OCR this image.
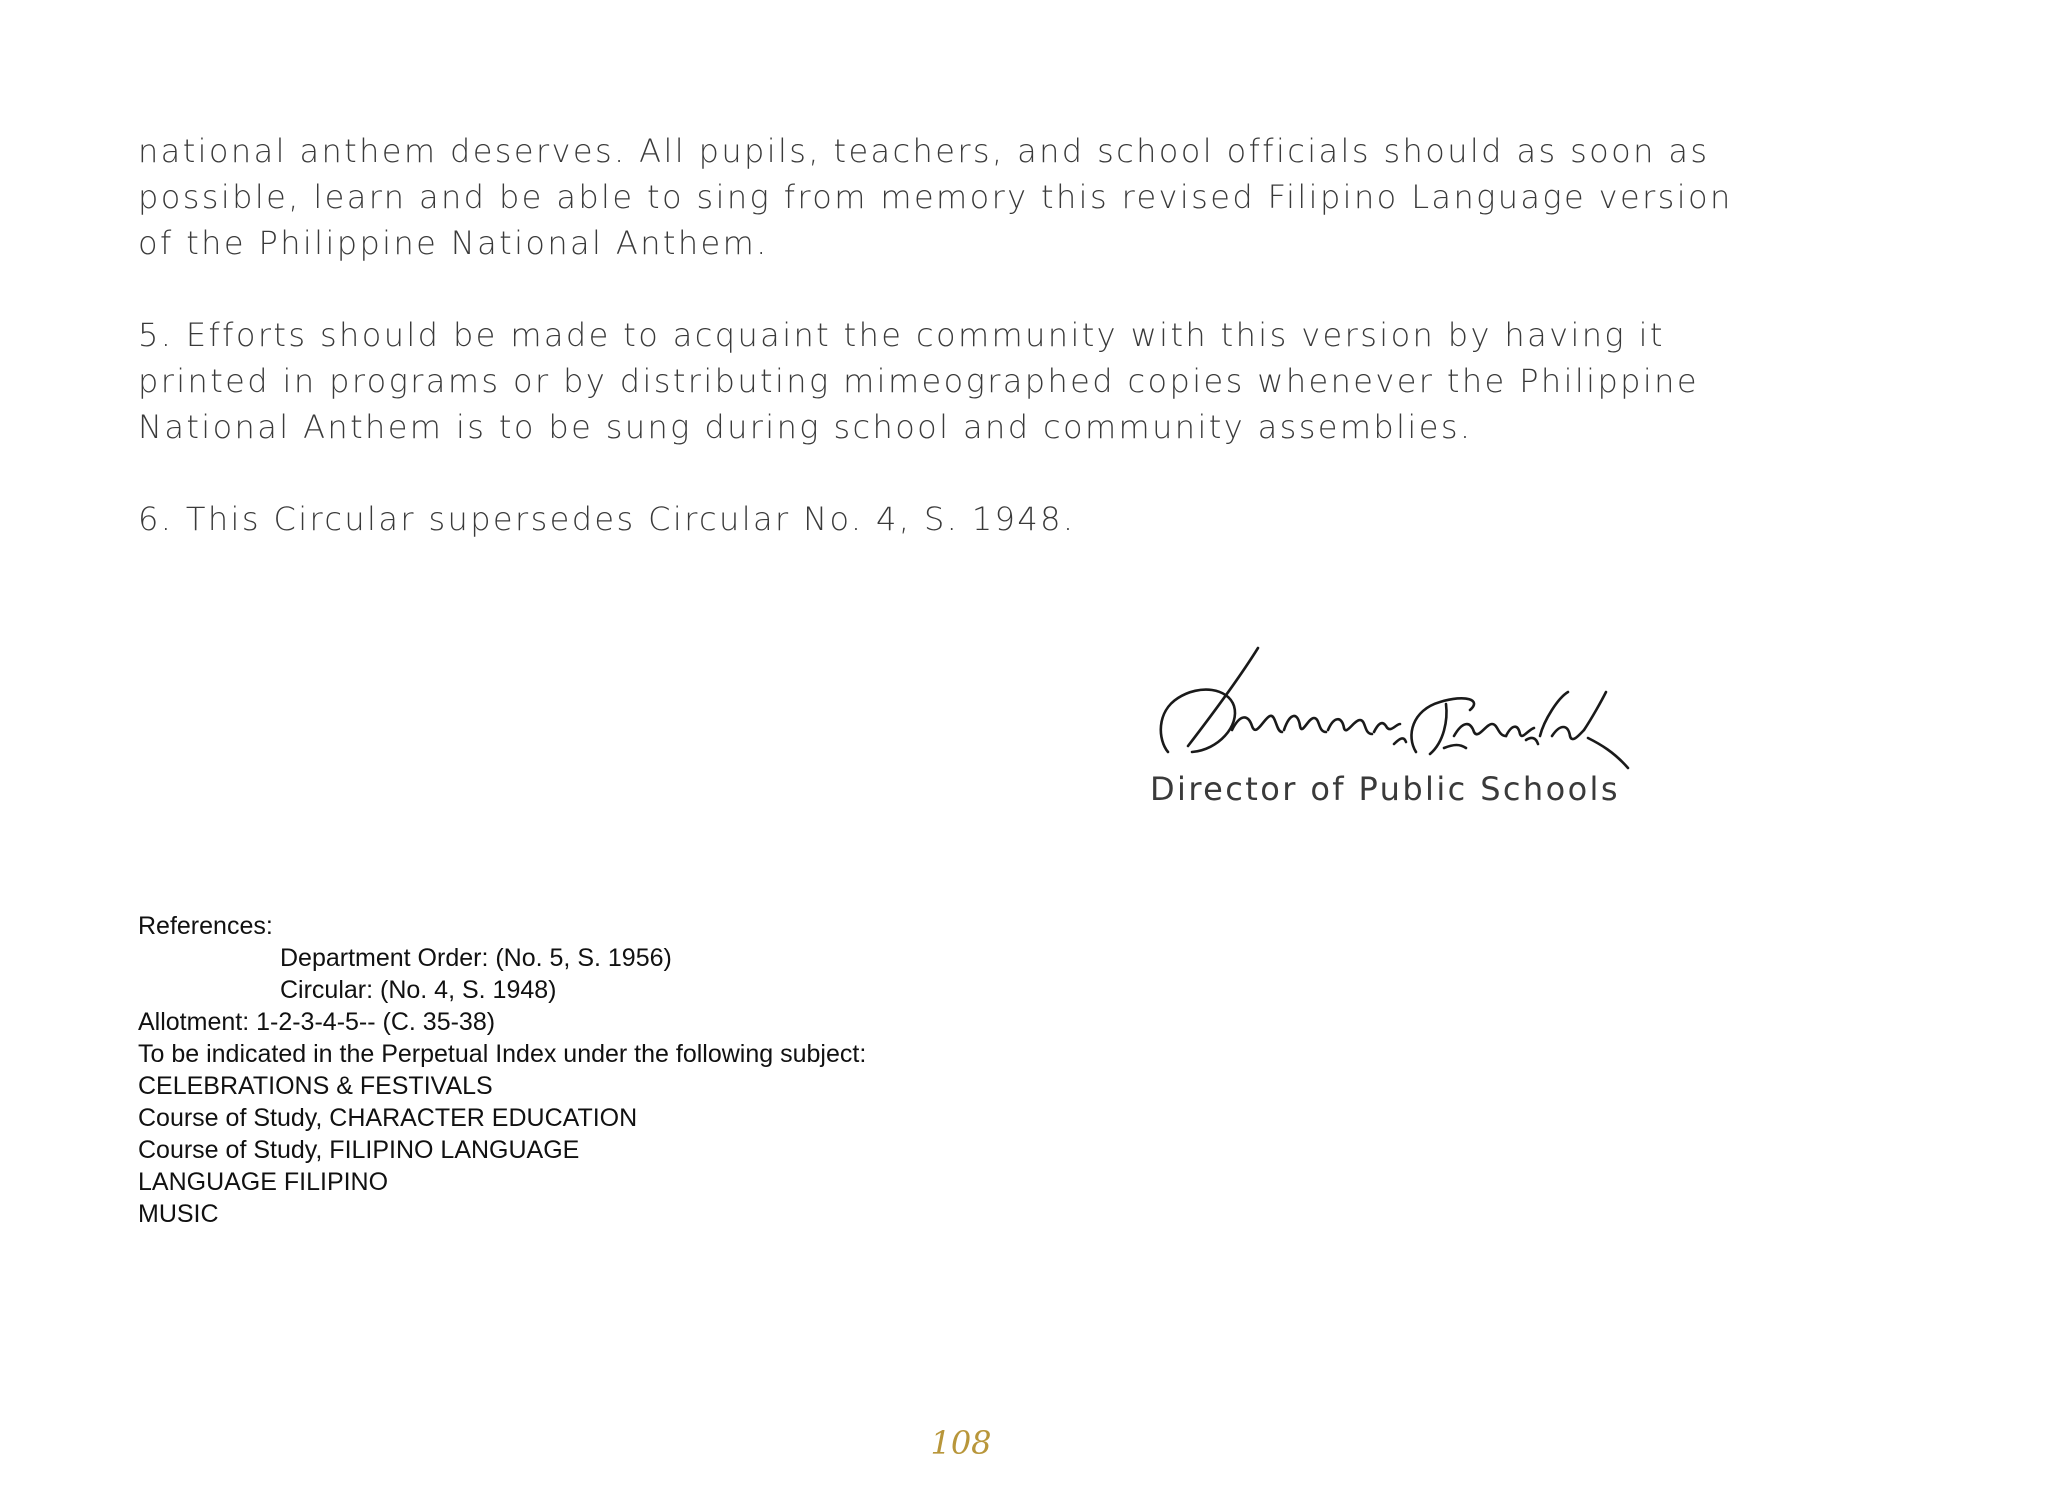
national anthem deserves. All pupils, teachers, and school officials should as soon as

possible, learn and be able to sing from memory this revised Filipino Language version

of the Philippine National Anthem.

5. Efforts should be made to acquaint the community with this version by having it

printed in programs or by distributing mimeographed copies whenever the Philippine

National Anthem is to be sung during school and community assemblies.

6. This Circular supersedes Circular No. 4, S. 1948.

Director of Public Schools
References:
Department Order: (No. 5, S. 1956)
Circular: (No. 4, S. 1948)
Allotment: 1-2-3-4-5-- (C. 35-38)
To be indicated in the Perpetual Index under the following subject:
CELEBRATIONS & FESTIVALS
Course of Study, CHARACTER EDUCATION
Course of Study, FILIPINO LANGUAGE
LANGUAGE FILIPINO
MUSIC
108
